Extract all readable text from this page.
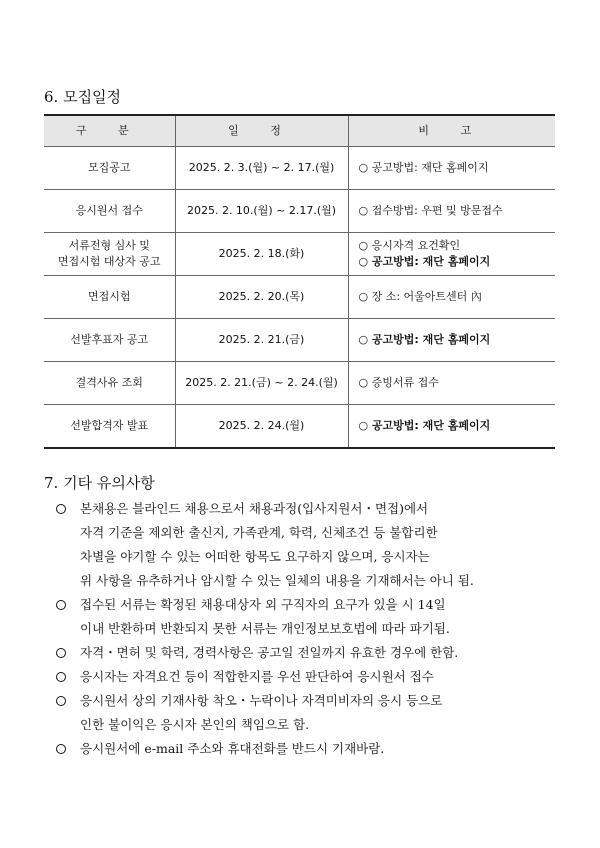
6. 모집일정
구 분	일 정	비 고

모집공고	2025. 2. 3.(월) ~ 2. 17.(월)	○ 공고방법: 재단 홈페이지

응시원서 접수	2025. 2. 10.(월) ~ 2.17.(월)	○ 접수방법: 우편 및 방문접수

서류전형 심사 및
면접시험 대상자 공고	2025. 2. 18.(화)	○ 응시자격 요건확인
○ 공고방법: 재단 홈페이지

면접시험	2025. 2. 20.(목)	○ 장 소: 어울아트센터 內

선발후표자 공고	2025. 2. 21.(금)	○ 공고방법: 재단 홈페이지

결격사유 조회	2025. 2. 21.(금) ~ 2. 24.(월)	○ 증빙서류 접수

선발합격자 발표	2025. 2. 24.(월)	○ 공고방법: 재단 홈페이지
7. 기타 유의사항
본채용은 블라인드 채용으로서 채용과정(입사지원서・면접)에서
자격 기준을 제외한 출신지, 가족관계, 학력, 신체조건 등 불합리한
차별을 야기할 수 있는 어떠한 항목도 요구하지 않으며, 응시자는
위 사항을 유추하거나 암시할 수 있는 일체의 내용을 기재해서는 아니 됨.
접수된 서류는 확정된 채용대상자 외 구직자의 요구가 있을 시 14일
이내 반환하며 반환되지 못한 서류는 개인정보보호법에 따라 파기됨.
자격・면허 및 학력, 경력사항은 공고일 전일까지 유효한 경우에 한함.
응시자는 자격요건 등이 적합한지를 우선 판단하여 응시원서 접수
응시원서 상의 기재사항 착오・누락이나 자격미비자의 응시 등으로
인한 불이익은 응시자 본인의 책임으로 함.
응시원서에 e-mail 주소와 휴대전화를 반드시 기재바람.
